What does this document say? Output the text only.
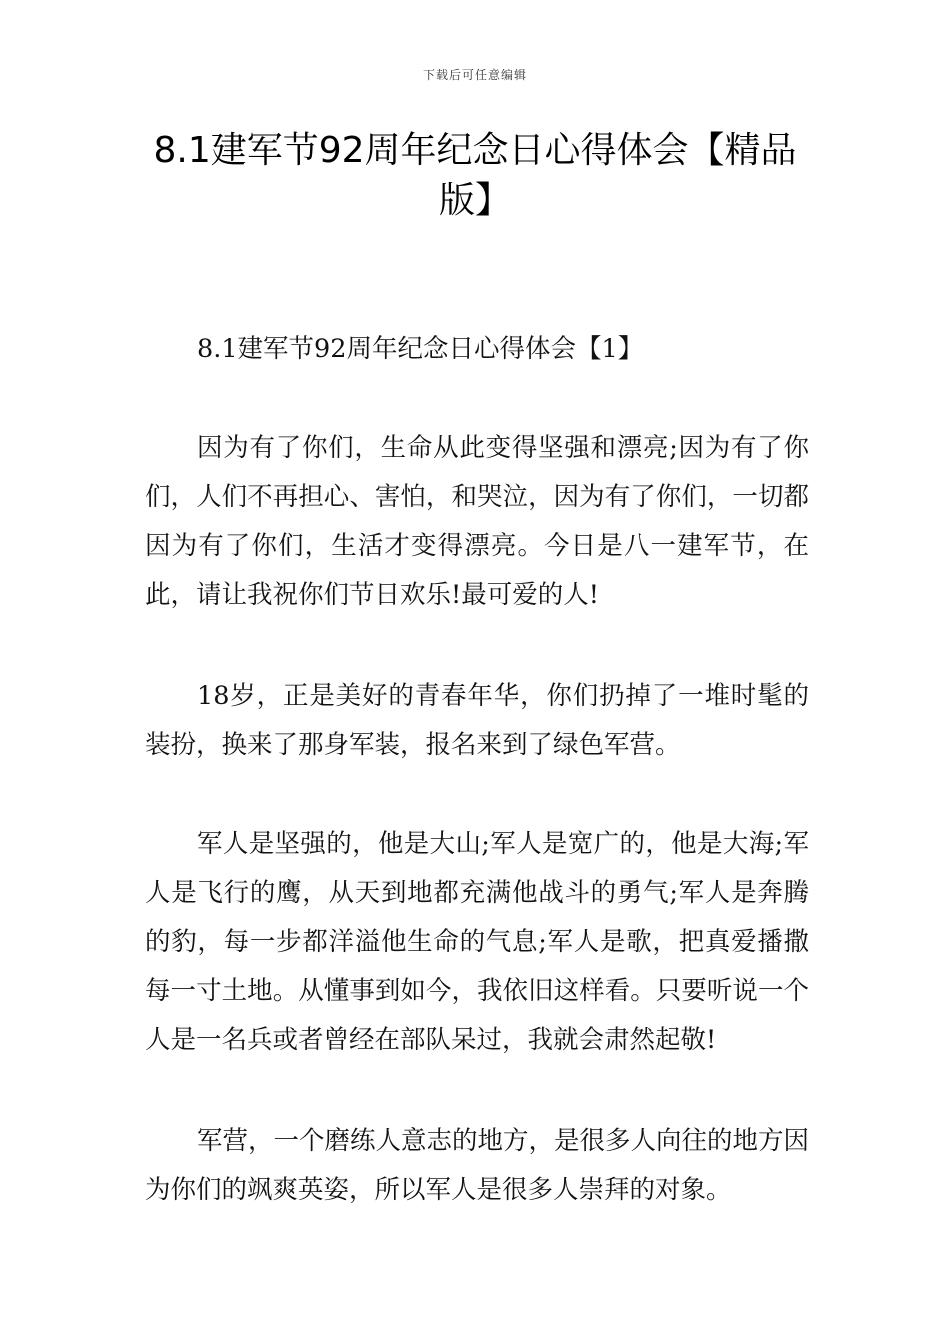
下载后可任意编辑
8.1建军节92周年纪念日心得体会【精品版】

8.1建军节92周年纪念日心得体会【1】

因为有了你们，生命从此变得坚强和漂亮;因为有了你们，人们不再担心、害怕，和哭泣，因为有了你们，一切都因为有了你们，生活才变得漂亮。今日是八一建军节，在此，请让我祝你们节日欢乐!最可爱的人!

18岁，正是美好的青春年华，你们扔掉了一堆时髦的装扮，换来了那身军装，报名来到了绿色军营。

军人是坚强的，他是大山;军人是宽广的，他是大海;军人是飞行的鹰，从天到地都充满他战斗的勇气;军人是奔腾的豹，每一步都洋溢他生命的气息;军人是歌，把真爱播撒每一寸土地。从懂事到如今，我依旧这样看。只要听说一个人是一名兵或者曾经在部队呆过，我就会肃然起敬!

军营，一个磨练人意志的地方，是很多人向往的地方因为你们的飒爽英姿，所以军人是很多人崇拜的对象。
